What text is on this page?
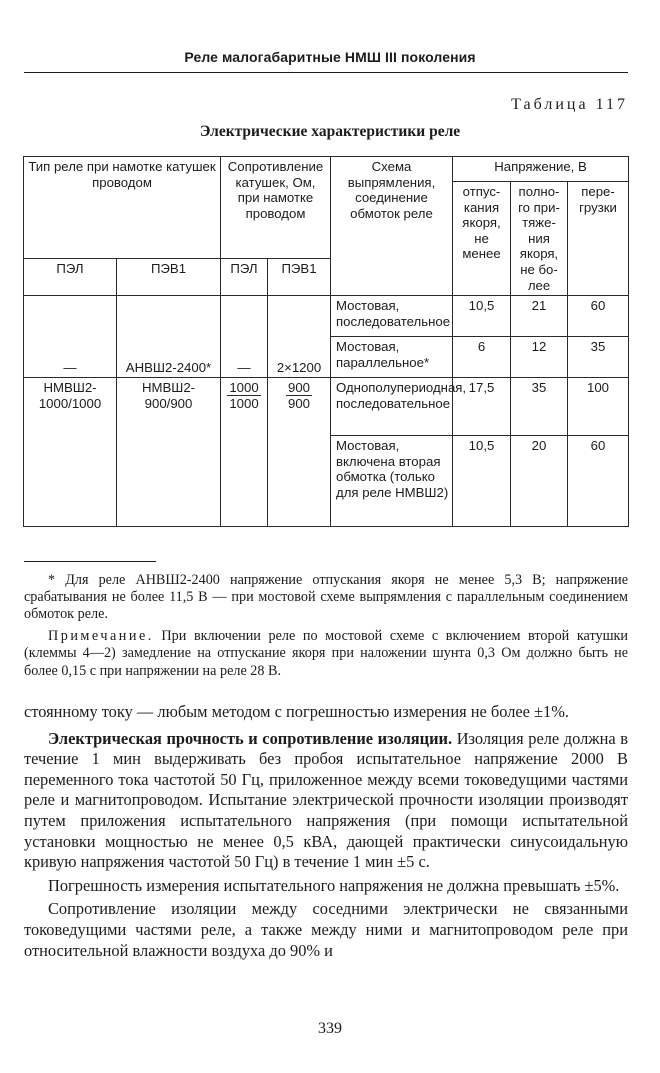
Реле малогабаритные НМШ III поколения
Таблица 117
Электрические характеристики реле
Тип реле при намотке катушек проводом		Сопротивление катушек, Ом, при намотке проводом		Схема выпрямления, соединение обмоток реле	Напряжение, В		
					отпус-кания якоря, не менее	полно-го при-тяже-ния якоря, не бо-лее	пере-грузки
ПЭЛ	ПЭВ1	ПЭЛ	ПЭВ1				
—	АНВШ2-2400*	—	2×1200	Мостовая, последовательное	10,5	21	60
				Мостовая, параллельное*	6	12	35
НМВШ2-1000/1000	НМВШ2-900/900	$\frac{1000}{1000}$	$\frac{900}{900}$	Однополупериодная, последовательное	17,5	35	100
				Мостовая, включена вторая обмотка (только для реле НМВШ2)	10,5	20	60
* Для реле АНВШ2-2400 напряжение отпускания якоря не менее 5,3 В; напряжение срабатывания не более 11,5 В — при мостовой схеме выпрямления с параллельным соединением обмоток реле.
Примечание. При включении реле по мостовой схеме с включением второй катушки (клеммы 4—2) замедление на отпускание якоря при наложении шунта 0,3 Ом должно быть не более 0,15 с при напряжении на реле 28 В.

стоянному току — любым методом с погрешностью измерения не более ±1%.

Электрическая прочность и сопротивление изоляции. Изоляция реле должна в течение 1 мин выдерживать без пробоя испытательное напряжение 2000 В переменного тока частотой 50 Гц, приложенное между всеми токоведущими частями реле и магнитопроводом. Испытание электрической прочности изоляции производят путем приложения испытательного напряжения (при помощи испытательной установки мощностью не менее 0,5 кВА, дающей практически синусоидальную кривую напряжения частотой 50 Гц) в течение 1 мин ±5 с.

Погрешность измерения испытательного напряжения не должна превышать ±5%.

Сопротивление изоляции между соседними электрически не связанными токоведущими частями реле, а также между ними и магнитопроводом реле при относительной влажности воздуха до 90% и

339
